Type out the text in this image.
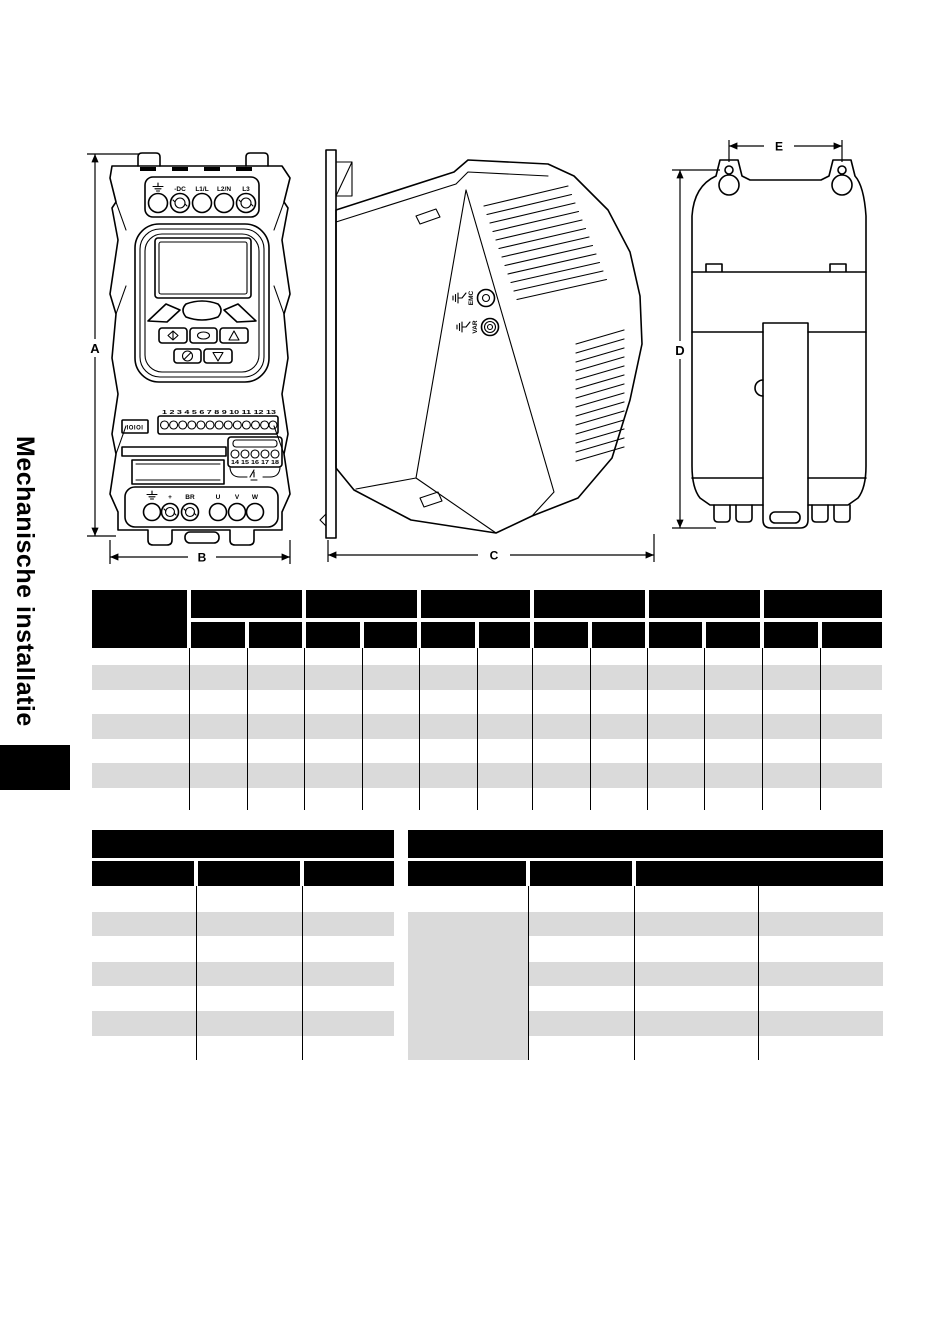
Mechanische installatie
A
-DC L1/L L2/N L3
1 2 3 4 5 6 7 8 9 10 11 12 13
IOIOI
14 15 16 17 18
+ BR	U V W
B
EMC
VAR
C
E
D
